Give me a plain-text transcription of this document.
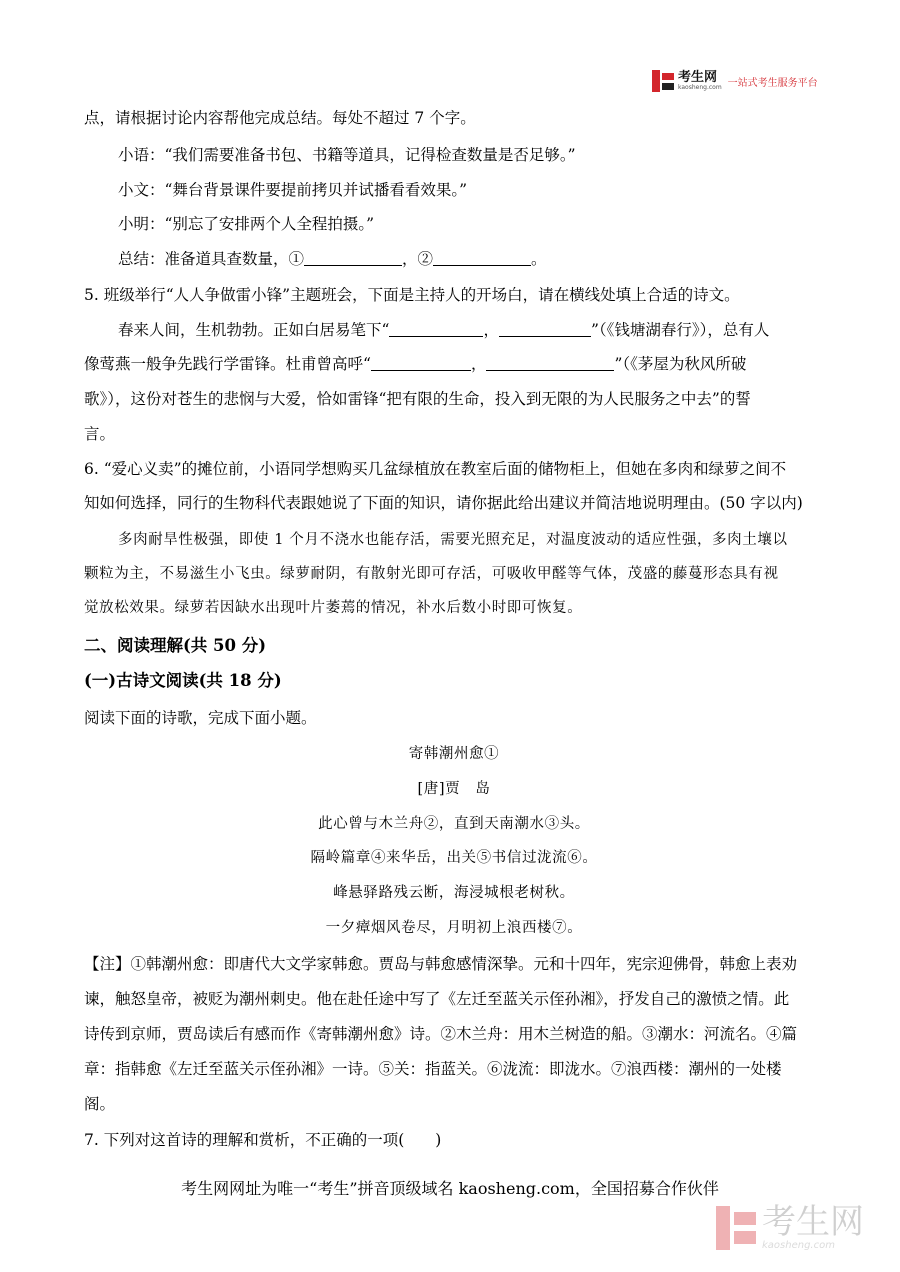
考生网
kaosheng.com 一站式考生服务平台
点，请根据讨论内容帮他完成总结。每处不超过 7 个字。
小语：“我们需要准备书包、书籍等道具，记得检查数量是否足够。”
小文：“舞台背景课件要提前拷贝并试播看看效果。”
小明：“别忘了安排两个人全程拍摄。”
总结：准备道具查数量，①	，②	。
5. 班级举行“人人争做雷小锋”主题班会，下面是主持人的开场白，请在横线处填上合适的诗文。
春来人间，生机勃勃。正如白居易笔下“	，	”（《钱塘湖春行》），总有人
像莺燕一般争先践行学雷锋。杜甫曾高呼“	，	”（《茅屋为秋风所破
歌》），这份对苍生的悲悯与大爱，恰如雷锋“把有限的生命，投入到无限的为人民服务之中去”的誓
言。
6. “爱心义卖”的摊位前，小语同学想购买几盆绿植放在教室后面的储物柜上，但她在多肉和绿萝之间不
知如何选择，同行的生物科代表跟她说了下面的知识，请你据此给出建议并简洁地说明理由。(50 字以内)
多肉耐旱性极强，即使 1 个月不浇水也能存活，需要光照充足，对温度波动的适应性强，多肉土壤以
颗粒为主，不易滋生小飞虫。绿萝耐阴，有散射光即可存活，可吸收甲醛等气体，茂盛的藤蔓形态具有视
觉放松效果。绿萝若因缺水出现叶片萎蔫的情况，补水后数小时即可恢复。
二、阅读理解(共 50 分)
(一)古诗文阅读(共 18 分)
阅读下面的诗歌，完成下面小题。
寄韩潮州愈①
[唐]贾　岛
此心曾与木兰舟②，直到天南潮水③头。
隔岭篇章④来华岳，出关⑤书信过泷流⑥。
峰悬驿路残云断，海浸城根老树秋。
一夕瘴烟风卷尽，月明初上浪西楼⑦。
【注】①韩潮州愈：即唐代大文学家韩愈。贾岛与韩愈感情深挚。元和十四年，宪宗迎佛骨，韩愈上表劝
谏，触怒皇帝，被贬为潮州刺史。他在赴任途中写了《左迁至蓝关示侄孙湘》，抒发自己的激愤之情。此
诗传到京师，贾岛读后有感而作《寄韩潮州愈》诗。②木兰舟：用木兰树造的船。③潮水：河流名。④篇
章：指韩愈《左迁至蓝关示侄孙湘》一诗。⑤关：指蓝关。⑥泷流：即泷水。⑦浪西楼：潮州的一处楼
阁。
7. 下列对这首诗的理解和赏析，不正确的一项(　　)
考生网网址为唯一“考生”拼音顶级域名 kaosheng.com，全国招募合作伙伴
考生网
kaosheng.com
